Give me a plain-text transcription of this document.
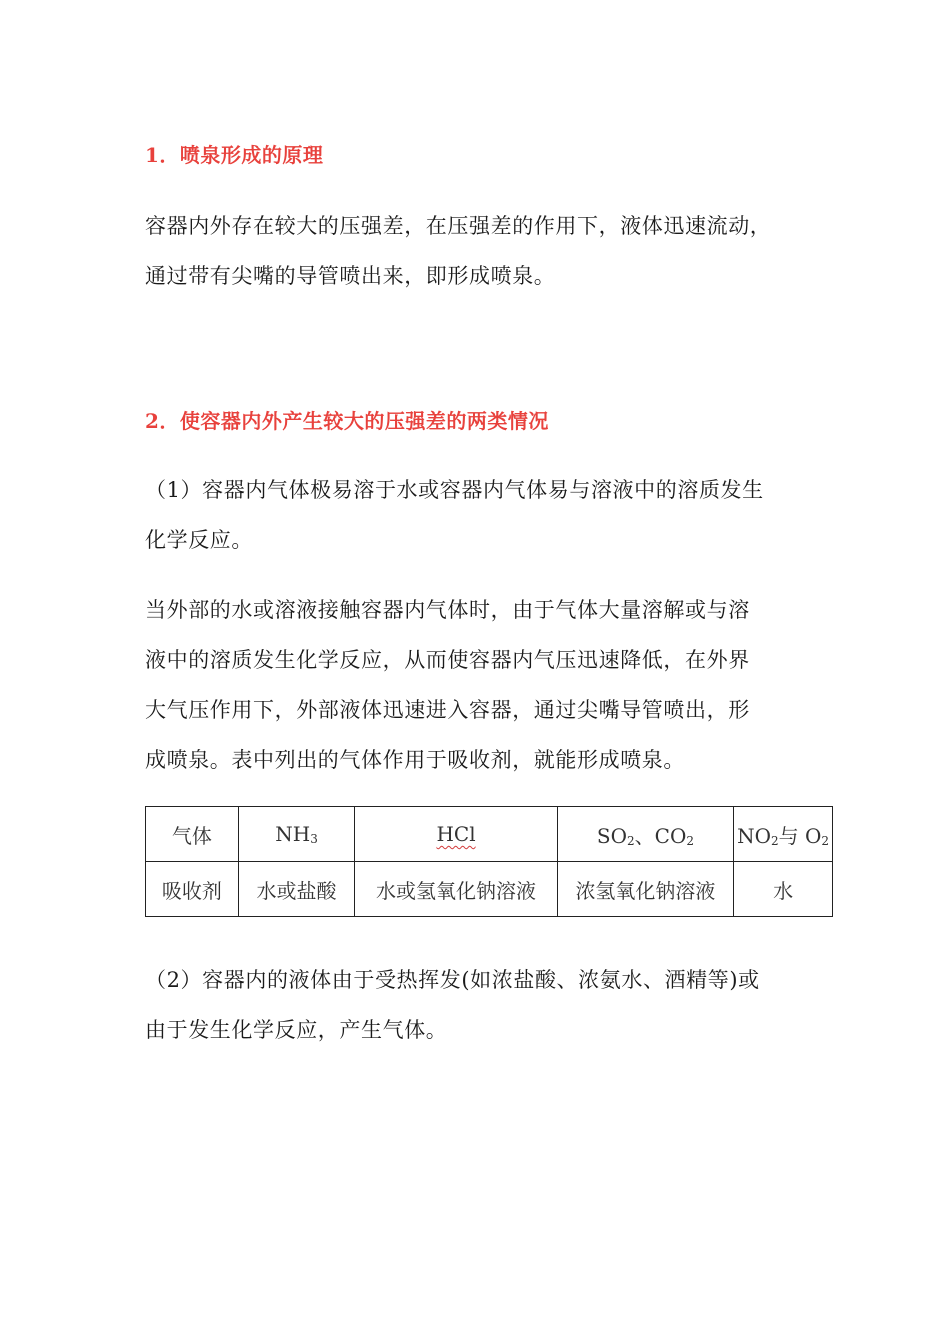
1．喷泉形成的原理
容器内外存在较大的压强差，在压强差的作用下，液体迅速流动，
通过带有尖嘴的导管喷出来，即形成喷泉。
2．使容器内外产生较大的压强差的两类情况
（1）容器内气体极易溶于水或容器内气体易与溶液中的溶质发生
化学反应。
当外部的水或溶液接触容器内气体时，由于气体大量溶解或与溶
液中的溶质发生化学反应，从而使容器内气压迅速降低，在外界
大气压作用下，外部液体迅速进入容器，通过尖嘴导管喷出，形
成喷泉。表中列出的气体作用于吸收剂，就能形成喷泉。
气体	NH3	HCl	SO2、CO2	NO2与 O2
吸收剂	水或盐酸	水或氢氧化钠溶液	浓氢氧化钠溶液	水
（2）容器内的液体由于受热挥发(如浓盐酸、浓氨水、酒精等)或
由于发生化学反应，产生气体。
